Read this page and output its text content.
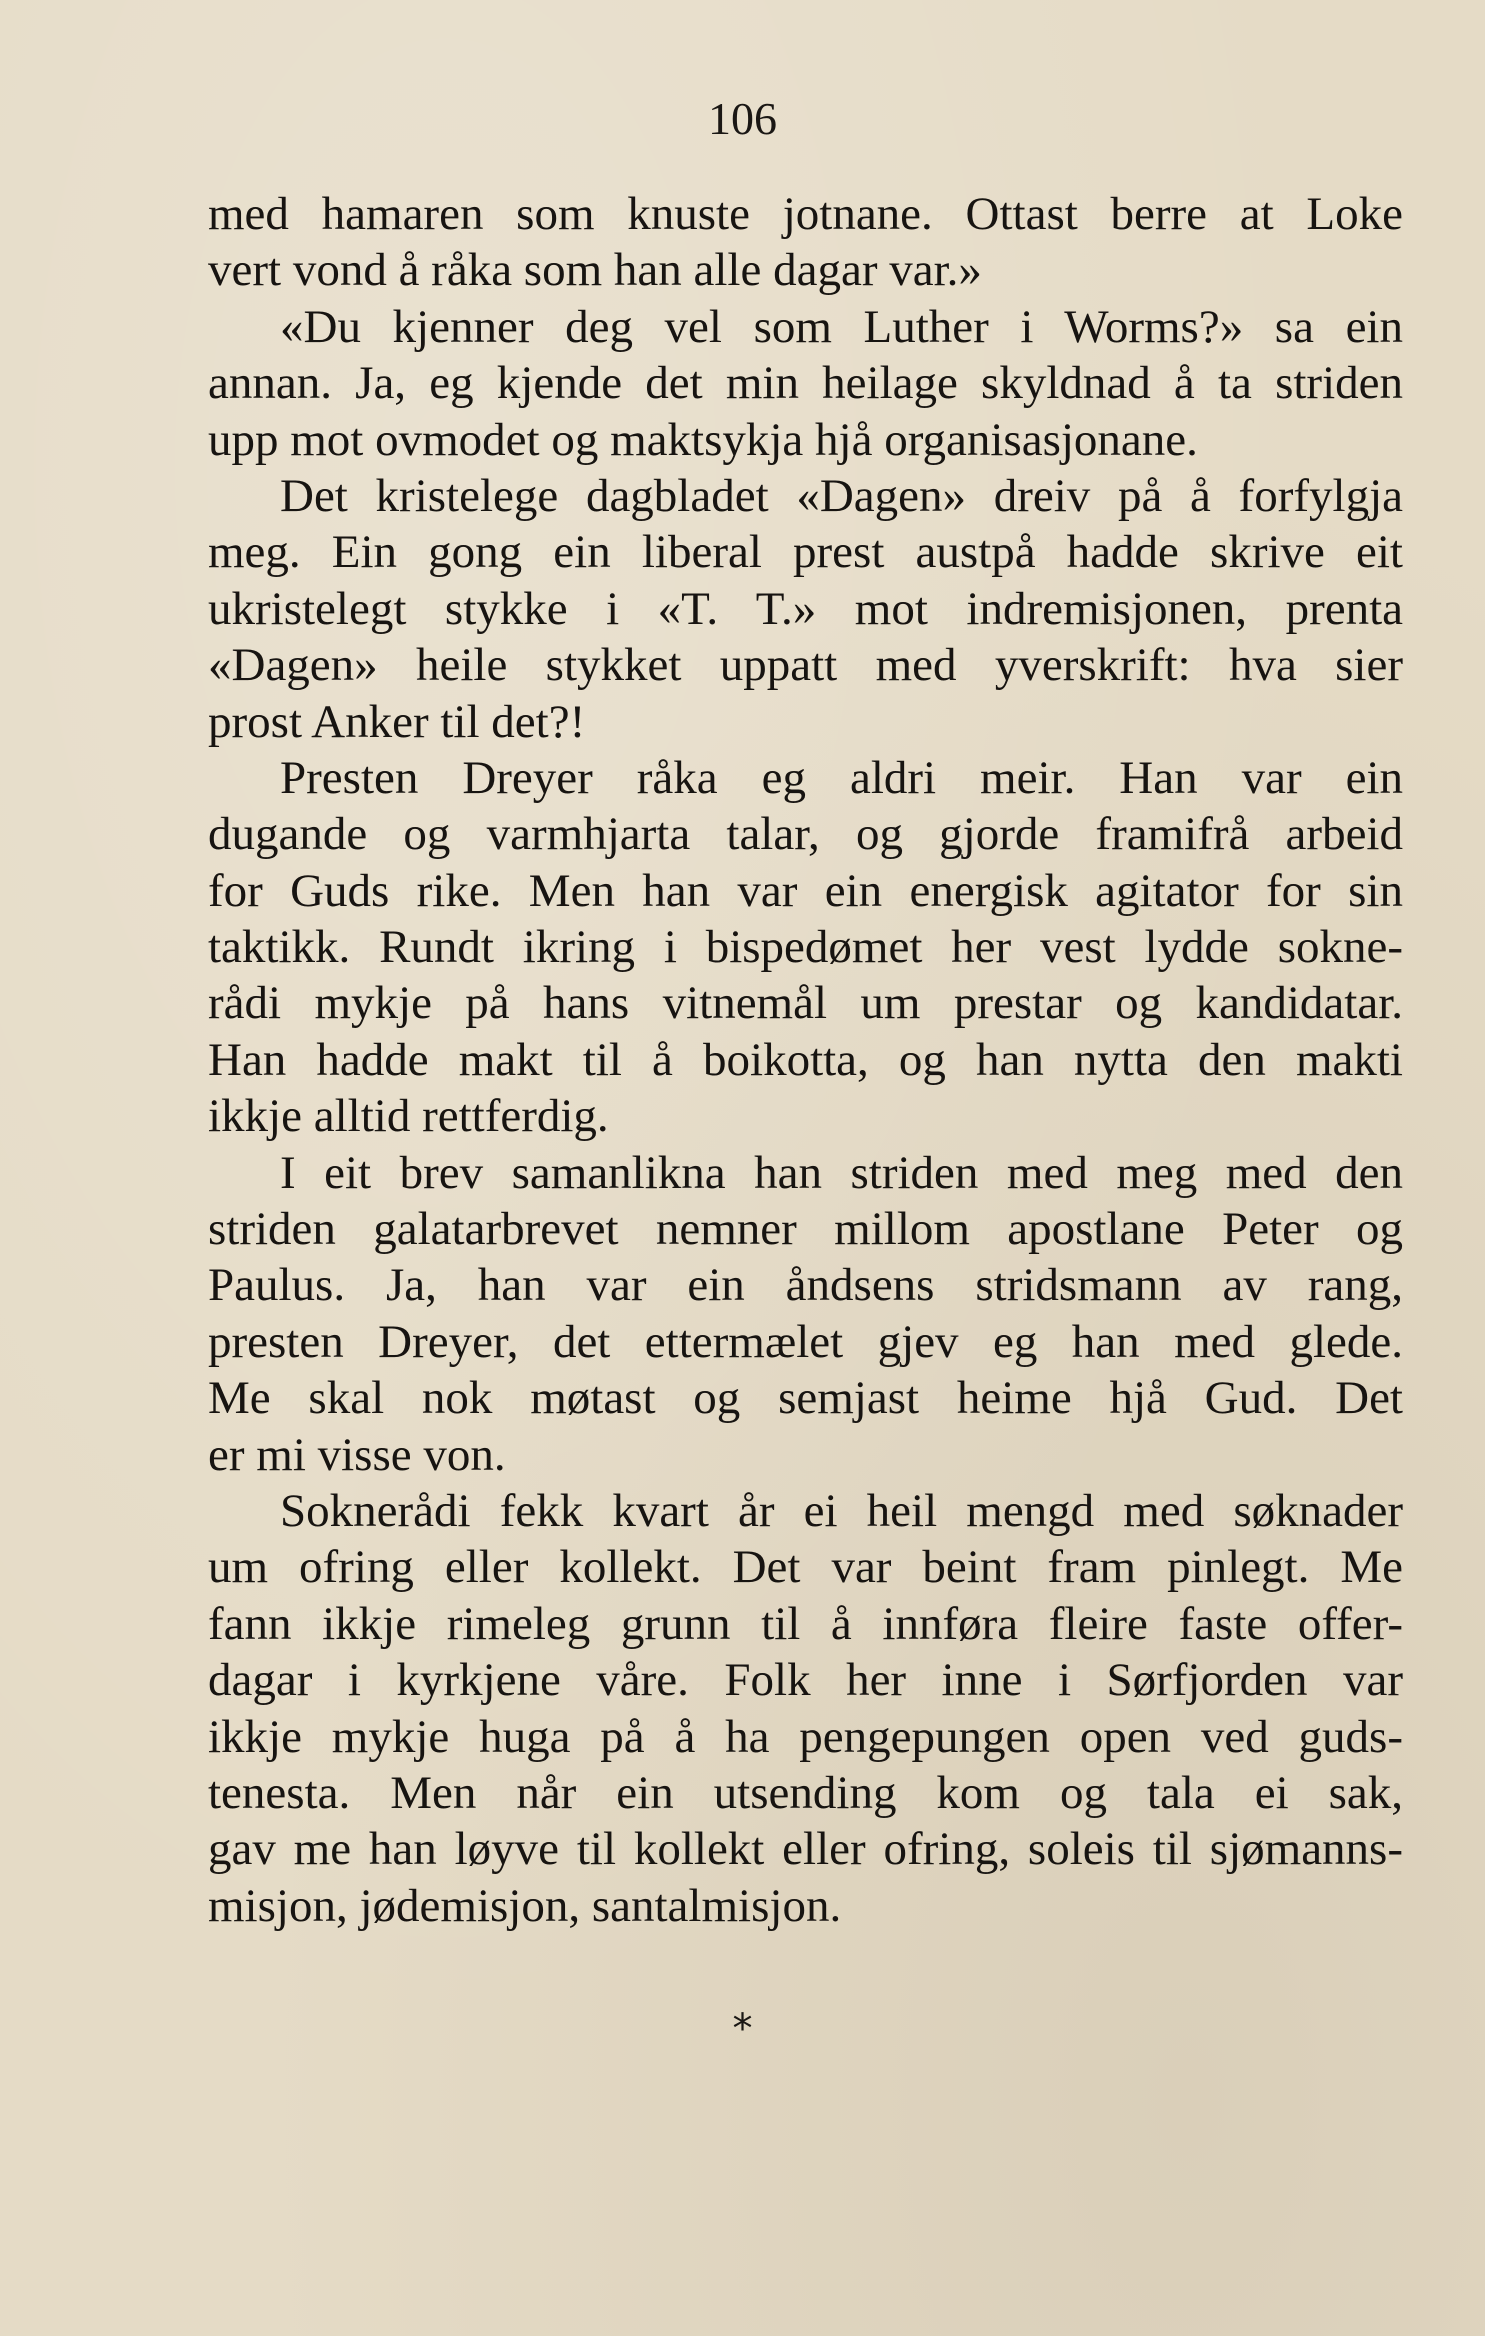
106
med hamaren som knuste jotnane. Ottast berre at Loke
vert vond å råka som han alle dagar var.»
«Du kjenner deg vel som Luther i Worms?» sa ein
annan. Ja, eg kjende det min heilage skyldnad å ta striden
upp mot ovmodet og maktsykja hjå organisasjonane.
Det kristelege dagbladet «Dagen» dreiv på å forfylgja
meg. Ein gong ein liberal prest austpå hadde skrive eit
ukristelegt stykke i «T. T.» mot indremisjonen, prenta
«Dagen» heile stykket uppatt med yverskrift: hva sier
prost Anker til det?!
Presten Dreyer råka eg aldri meir. Han var ein
dugande og varmhjarta talar, og gjorde framifrå arbeid
for Guds rike. Men han var ein energisk agitator for sin
taktikk. Rundt ikring i bispedømet her vest lydde sokne-
rådi mykje på hans vitnemål um prestar og kandidatar.
Han hadde makt til å boikotta, og han nytta den makti
ikkje alltid rettferdig.
I eit brev samanlikna han striden med meg med den
striden galatarbrevet nemner millom apostlane Peter og
Paulus. Ja, han var ein åndsens stridsmann av rang,
presten Dreyer, det ettermælet gjev eg han med glede.
Me skal nok møtast og semjast heime hjå Gud. Det
er mi visse von.
Soknerådi fekk kvart år ei heil mengd med søknader
um ofring eller kollekt. Det var beint fram pinlegt. Me
fann ikkje rimeleg grunn til å innføra fleire faste offer-
dagar i kyrkjene våre. Folk her inne i Sørfjorden var
ikkje mykje huga på å ha pengepungen open ved guds-
tenesta. Men når ein utsending kom og tala ei sak,
gav me han løyve til kollekt eller ofring, soleis til sjømanns-
misjon, jødemisjon, santalmisjon.
*
